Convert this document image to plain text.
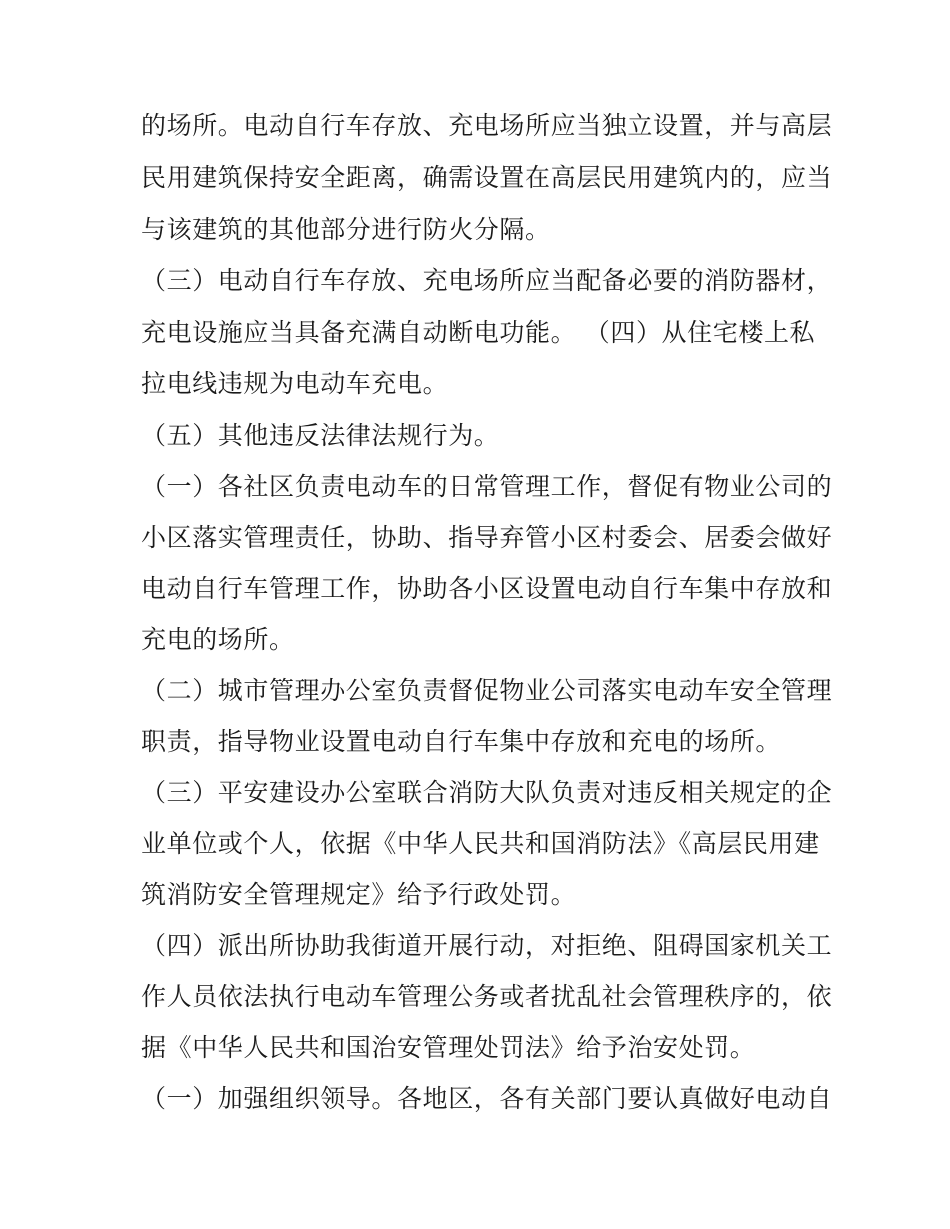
的场所。电动自行车存放、充电场所应当独立设置，并与高层
民用建筑保持安全距离，确需设置在高层民用建筑内的，应当
与该建筑的其他部分进行防火分隔。
（三）电动自行车存放、充电场所应当配备必要的消防器材，
充电设施应当具备充满自动断电功能。 （四）从住宅楼上私
拉电线违规为电动车充电。
（五）其他违反法律法规行为。
（一）各社区负责电动车的日常管理工作，督促有物业公司的
小区落实管理责任，协助、指导弃管小区村委会、居委会做好
电动自行车管理工作，协助各小区设置电动自行车集中存放和
充电的场所。
（二）城市管理办公室负责督促物业公司落实电动车安全管理
职责，指导物业设置电动自行车集中存放和充电的场所。
（三）平安建设办公室联合消防大队负责对违反相关规定的企
业单位或个人，依据《中华人民共和国消防法》《高层民用建
筑消防安全管理规定》给予行政处罚。
（四）派出所协助我街道开展行动，对拒绝、阻碍国家机关工
作人员依法执行电动车管理公务或者扰乱社会管理秩序的，依
据《中华人民共和国治安管理处罚法》给予治安处罚。
（一）加强组织领导。各地区，各有关部门要认真做好电动自
